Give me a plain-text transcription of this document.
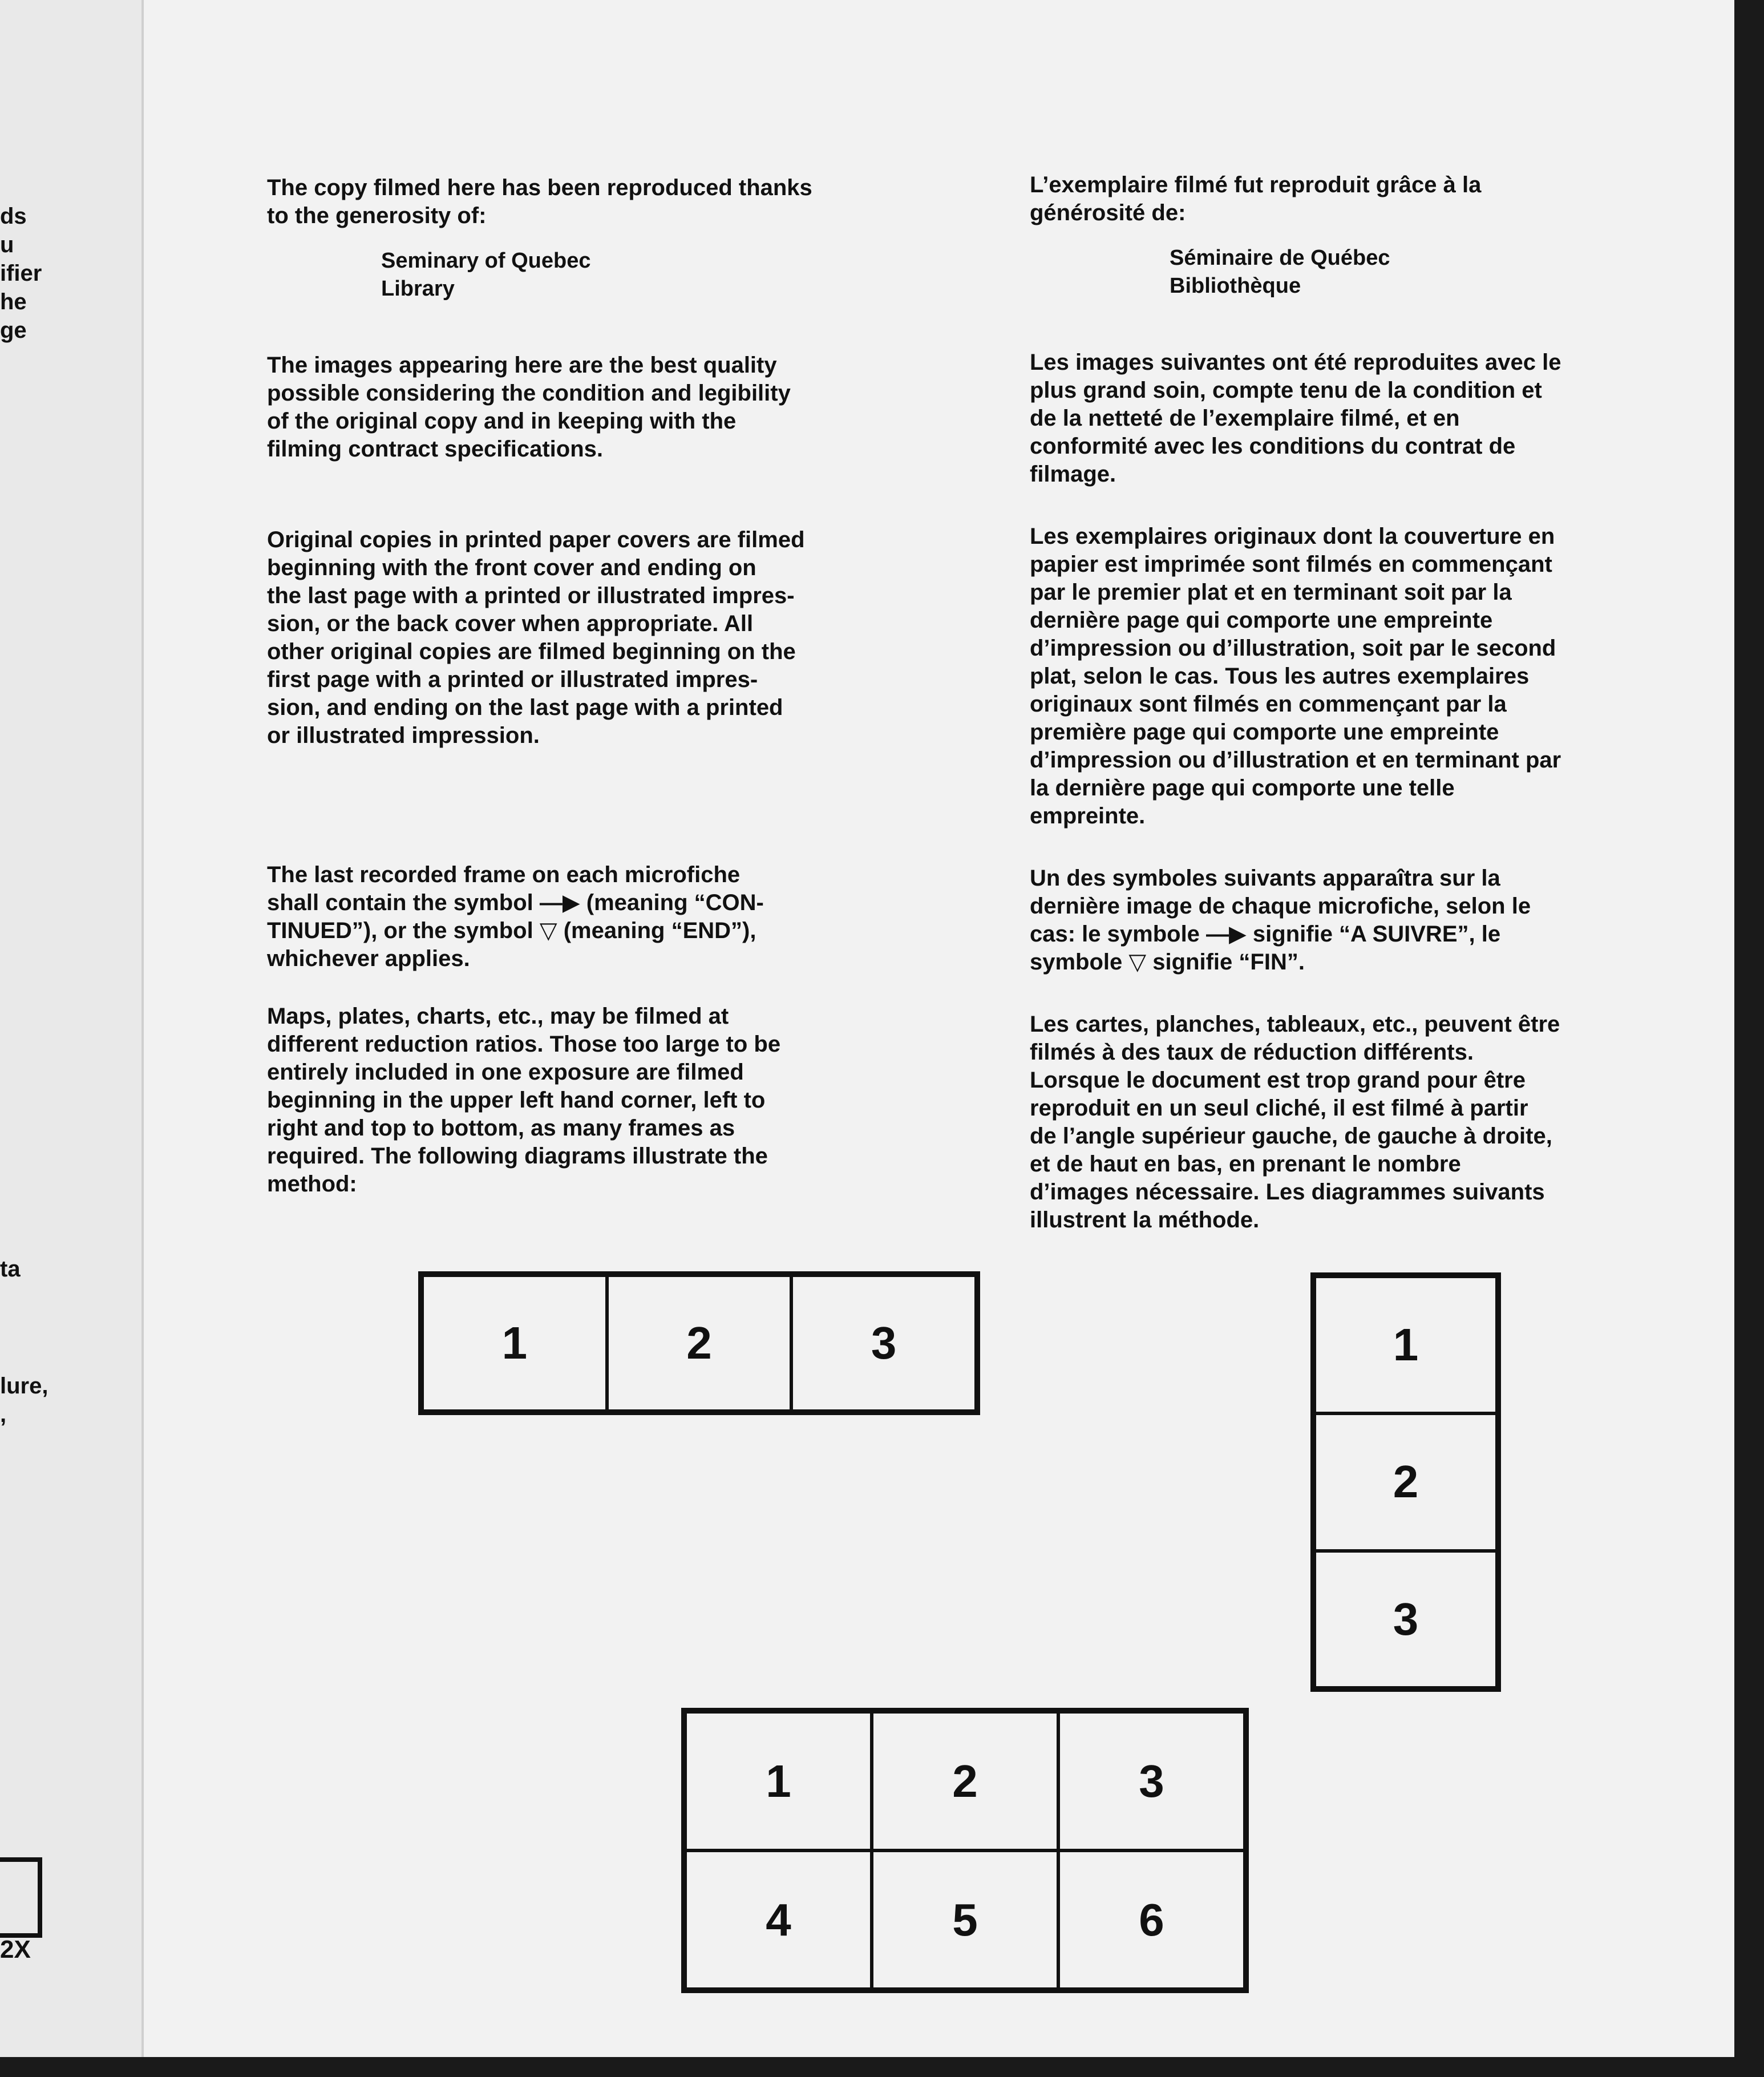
ds
u
ifier
he
ge
ta
lure,
,
2X

The copy filmed here has been reproduced thanks
to the generosity of:

Seminary of Quebec
Library

The images appearing here are the best quality
possible considering the condition and legibility
of the original copy and in keeping with the
filming contract specifications.

Original copies in printed paper covers are filmed
beginning with the front cover and ending on
the last page with a printed or illustrated impres-
sion, or the back cover when appropriate. All
other original copies are filmed beginning on the
first page with a printed or illustrated impres-
sion, and ending on the last page with a printed
or illustrated impression.

The last recorded frame on each microfiche
shall contain the symbol —▶ (meaning “CON-
TINUED”), or the symbol ▽ (meaning “END”),
whichever applies.

Maps, plates, charts, etc., may be filmed at
different reduction ratios. Those too large to be
entirely included in one exposure are filmed
beginning in the upper left hand corner, left to
right and top to bottom, as many frames as
required. The following diagrams illustrate the
method:

L’exemplaire filmé fut reproduit grâce à la
générosité de:

Séminaire de Québec
Bibliothèque

Les images suivantes ont été reproduites avec le
plus grand soin, compte tenu de la condition et
de la netteté de l’exemplaire filmé, et en
conformité avec les conditions du contrat de
filmage.

Les exemplaires originaux dont la couverture en
papier est imprimée sont filmés en commençant
par le premier plat et en terminant soit par la
dernière page qui comporte une empreinte
d’impression ou d’illustration, soit par le second
plat, selon le cas. Tous les autres exemplaires
originaux sont filmés en commençant par la
première page qui comporte une empreinte
d’impression ou d’illustration et en terminant par
la dernière page qui comporte une telle
empreinte.

Un des symboles suivants apparaîtra sur la
dernière image de chaque microfiche, selon le
cas: le symbole —▶ signifie “A SUIVRE”, le
symbole ▽ signifie “FIN”.

Les cartes, planches, tableaux, etc., peuvent être
filmés à des taux de réduction différents.
Lorsque le document est trop grand pour être
reproduit en un seul cliché, il est filmé à partir
de l’angle supérieur gauche, de gauche à droite,
et de haut en bas, en prenant le nombre
d’images nécessaire. Les diagrammes suivants
illustrent la méthode.

1	2	3	1
2
3
1	2	3
4	5	6
